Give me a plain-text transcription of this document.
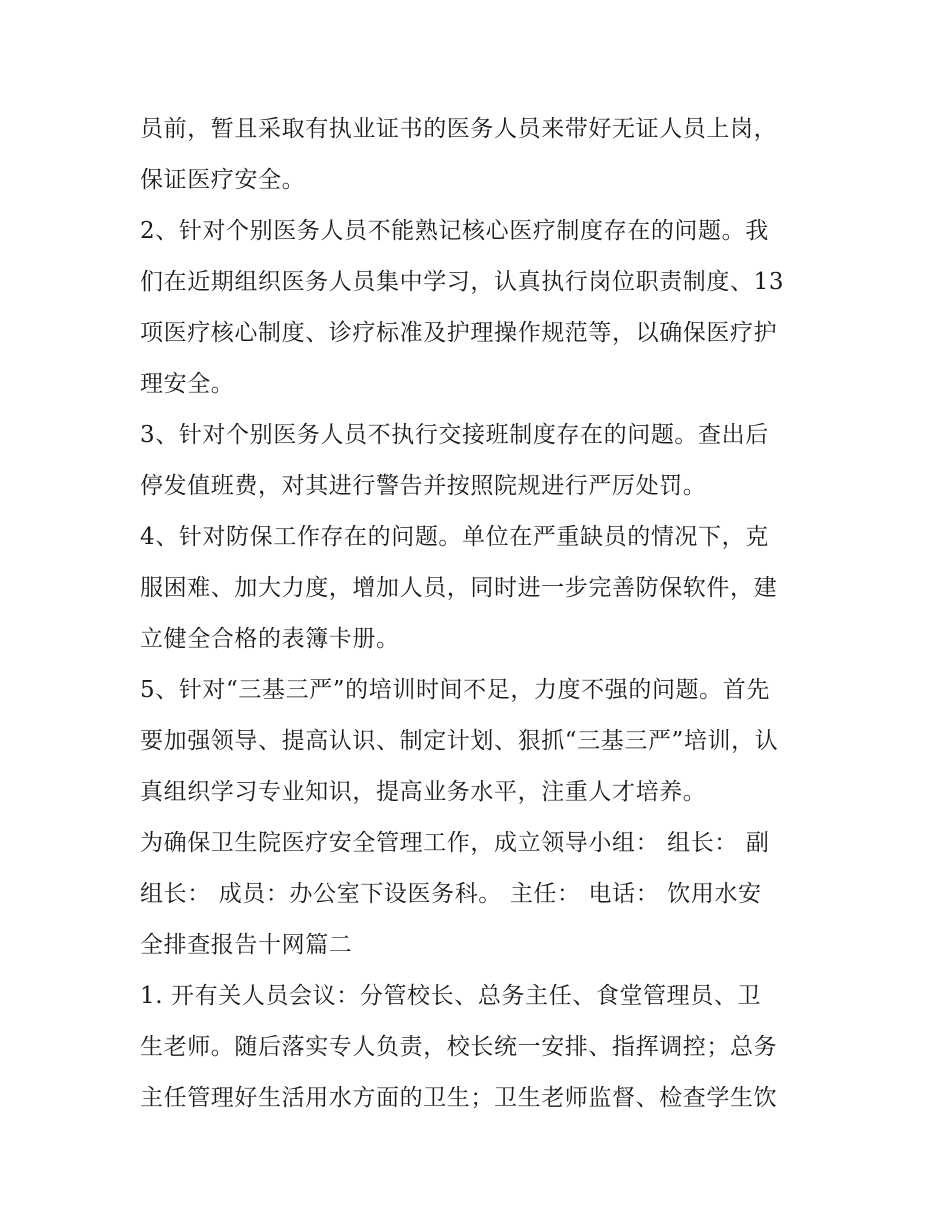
员前，暂且采取有执业证书的医务人员来带好无证人员上岗，
保证医疗安全。
2、针对个别医务人员不能熟记核心医疗制度存在的问题。我
们在近期组织医务人员集中学习，认真执行岗位职责制度、13
项医疗核心制度、诊疗标准及护理操作规范等，以确保医疗护
理安全。
3、针对个别医务人员不执行交接班制度存在的问题。查出后
停发值班费，对其进行警告并按照院规进行严厉处罚。
4、针对防保工作存在的问题。单位在严重缺员的情况下，克
服困难、加大力度，增加人员，同时进一步完善防保软件，建
立健全合格的表簿卡册。
5、针对“三基三严”的培训时间不足，力度不强的问题。首先
要加强领导、提高认识、制定计划、狠抓“三基三严”培训，认
真组织学习专业知识，提高业务水平，注重人才培养。
为确保卫生院医疗安全管理工作，成立领导小组： 组长： 副
组长： 成员：办公室下设医务科。 主任： 电话： 饮用水安
全排查报告十网篇二
1. 开有关人员会议：分管校长、总务主任、食堂管理员、卫
生老师。随后落实专人负责，校长统一安排、指挥调控；总务
主任管理好生活用水方面的卫生；卫生老师监督、检查学生饮
